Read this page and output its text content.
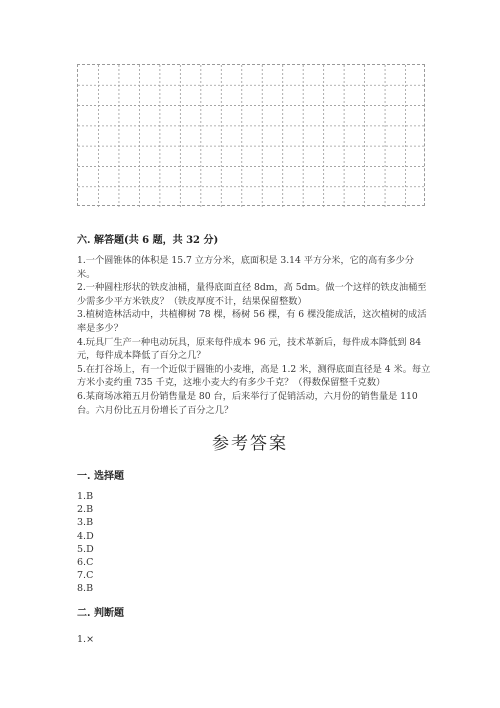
六. 解答题(共 6 题，共 32 分)

1.一个圆锥体的体积是 15.7 立方分米，底面积是 3.14 平方分米，它的高有多少分米。

2.一种圆柱形状的铁皮油桶，量得底面直径 8dm，高 5dm。做一个这样的铁皮油桶至少需多少平方米铁皮？（铁皮厚度不计，结果保留整数）

3.植树造林活动中，共植柳树 78 棵，杨树 56 棵，有 6 棵没能成活，这次植树的成活率是多少？

4.玩具厂生产一种电动玩具，原来每件成本 96 元，技术革新后，每件成本降低到 84 元，每件成本降低了百分之几？

5.在打谷场上，有一个近似于圆锥的小麦堆，高是 1.2 米，测得底面直径是 4 米。每立方米小麦约重 735 千克，这堆小麦大约有多少千克？（得数保留整千克数）

6.某商场冰箱五月份销售量是 80 台，后来举行了促销活动，六月份的销售量是 110 台。六月份比五月份增长了百分之几？

参考答案
一. 选择题
1.B
2.B
3.B
4.D
5.D
6.C
7.C
8.B
二. 判断题
1.×
